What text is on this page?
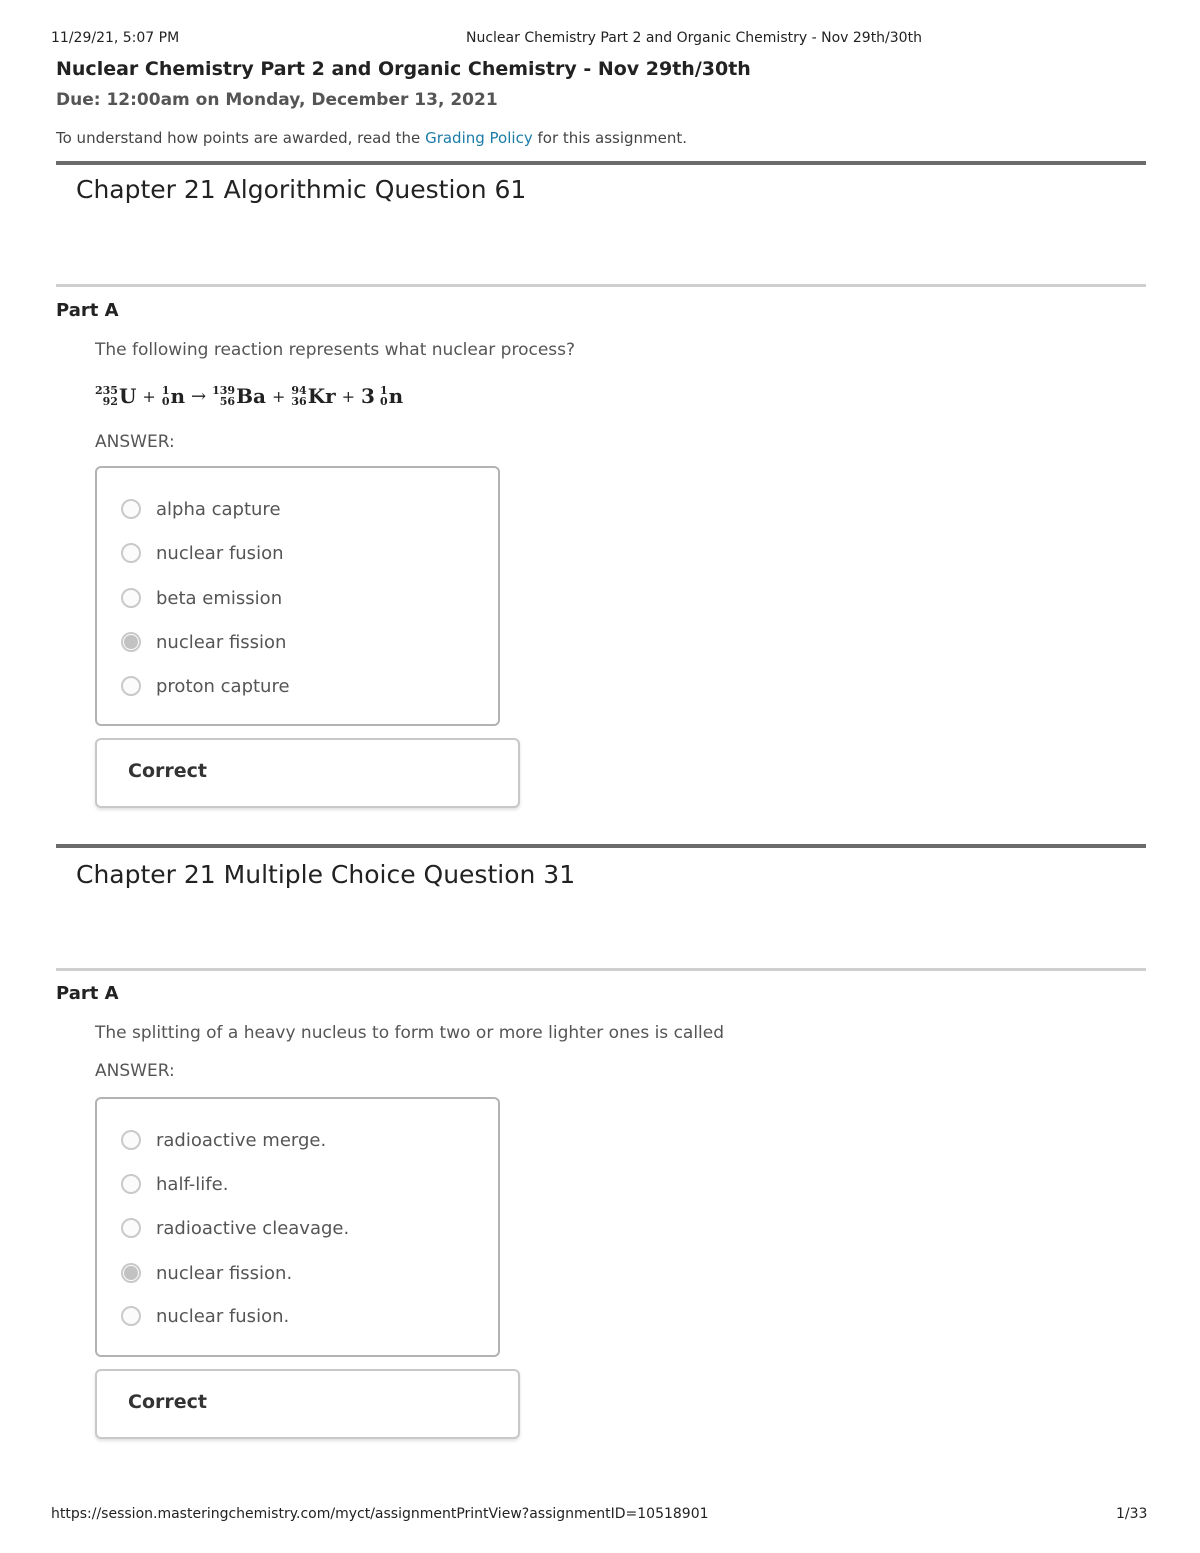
11/29/21, 5:07 PM	Nuclear Chemistry Part 2 and Organic Chemistry - Nov 29th/30th
Nuclear Chemistry Part 2 and Organic Chemistry - Nov 29th/30th
Due: 12:00am on Monday, December 13, 2021
To understand how points are awarded, read the Grading Policy for this assignment.
Chapter 21 Algorithmic Question 61
Part A
The following reaction represents what nuclear process?
235
92 U + 1
0 n → 139
56 Ba + 94
36 Kr + 3 1
0 n
ANSWER:
alpha capture
nuclear fusion
beta emission
nuclear fission
proton capture
Correct
Chapter 21 Multiple Choice Question 31
Part A
The splitting of a heavy nucleus to form two or more lighter ones is called
ANSWER:
radioactive merge.
half-life.
radioactive cleavage.
nuclear fission.
nuclear fusion.
Correct
https://session.masteringchemistry.com/myct/assignmentPrintView?assignmentID=10518901	1/33
